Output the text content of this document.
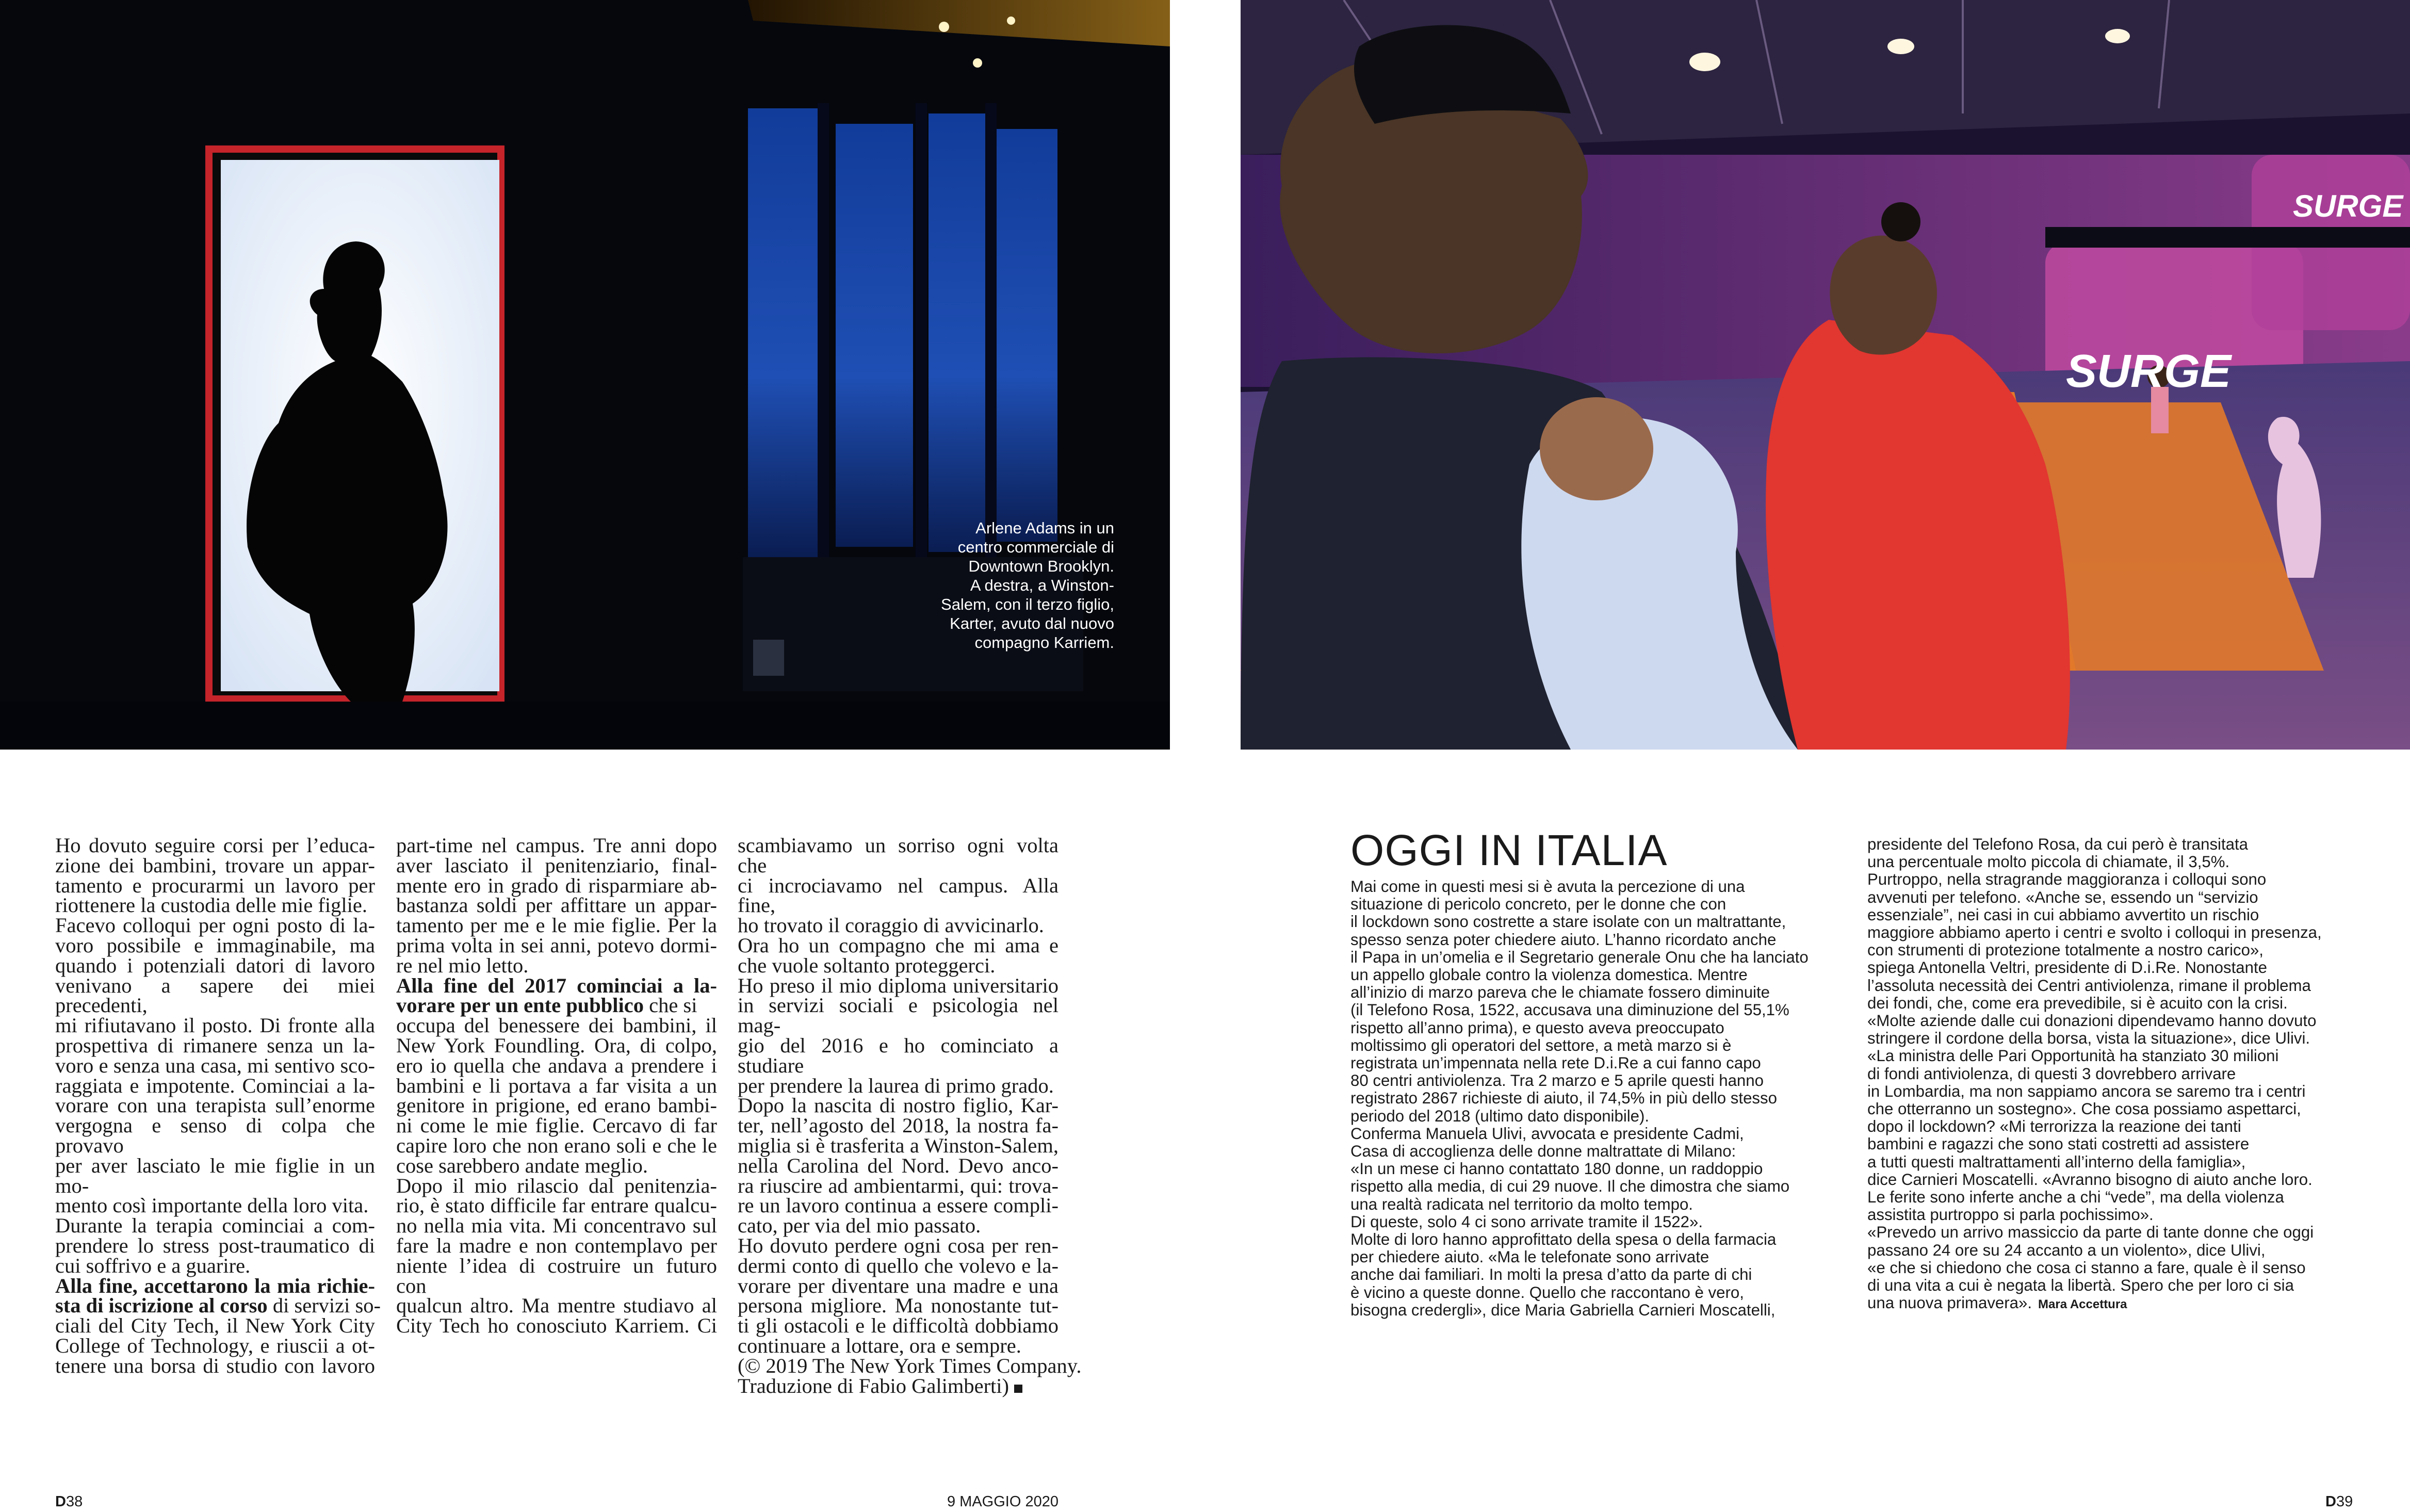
Arlene Adams in un
centro commerciale di
Downtown Brooklyn.
A destra, a Winston-
Salem, con il terzo figlio,
Karter, avuto dal nuovo
compagno Karriem.
SURGE
SURGE
Ho dovuto seguire corsi per l’educa-
zione dei bambini, trovare un appar-
tamento e procurarmi un lavoro per
riottenere la custodia delle mie figlie.
Facevo colloqui per ogni posto di la-
voro possibile e immaginabile, ma
quando i potenziali datori di lavoro
venivano a sapere dei miei precedenti,
mi rifiutavano il posto. Di fronte alla
prospettiva di rimanere senza un la-
voro e senza una casa, mi sentivo sco-
raggiata e impotente. Cominciai a la-
vorare con una terapista sull’enorme
vergogna e senso di colpa che provavo
per aver lasciato le mie figlie in un mo-
mento così importante della loro vita.
Durante la terapia cominciai a com-
prendere lo stress post-traumatico di
cui soffrivo e a guarire.
Alla fine, accettarono la mia richie-
sta di iscrizione al corso di servizi so-
ciali del City Tech, il New York City
College of Technology, e riuscii a ot-
tenere una borsa di studio con lavoro
part-time nel campus. Tre anni dopo
aver lasciato il penitenziario, final-
mente ero in grado di risparmiare ab-
bastanza soldi per affittare un appar-
tamento per me e le mie figlie. Per la
prima volta in sei anni, potevo dormi-
re nel mio letto.
Alla fine del 2017 cominciai a la-
vorare per un ente pubblico che si
occupa del benessere dei bambini, il
New York Foundling. Ora, di colpo,
ero io quella che andava a prendere i
bambini e li portava a far visita a un
genitore in prigione, ed erano bambi-
ni come le mie figlie. Cercavo di far
capire loro che non erano soli e che le
cose sarebbero andate meglio.
Dopo il mio rilascio dal penitenzia-
rio, è stato difficile far entrare qualcu-
no nella mia vita. Mi concentravo sul
fare la madre e non contemplavo per
niente l’idea di costruire un futuro con
qualcun altro. Ma mentre studiavo al
City Tech ho conosciuto Karriem. Ci
scambiavamo un sorriso ogni volta che
ci incrociavamo nel campus. Alla fine,
ho trovato il coraggio di avvicinarlo.
Ora ho un compagno che mi ama e
che vuole soltanto proteggerci.
Ho preso il mio diploma universitario
in servizi sociali e psicologia nel mag-
gio del 2016 e ho cominciato a studiare
per prendere la laurea di primo grado.
Dopo la nascita di nostro figlio, Kar-
ter, nell’agosto del 2018, la nostra fa-
miglia si è trasferita a Winston-Salem,
nella Carolina del Nord. Devo anco-
ra riuscire ad ambientarmi, qui: trova-
re un lavoro continua a essere compli-
cato, per via del mio passato.
Ho dovuto perdere ogni cosa per ren-
dermi conto di quello che volevo e la-
vorare per diventare una madre e una
persona migliore. Ma nonostante tut-
ti gli ostacoli e le difficoltà dobbiamo
continuare a lottare, ora e sempre.
(© 2019 The New York Times Company.
Traduzione di Fabio Galimberti)
OGGI IN ITALIA
Mai come in questi mesi si è avuta la percezione di una
situazione di pericolo concreto, per le donne che con
il lockdown sono costrette a stare isolate con un maltrattante,
spesso senza poter chiedere aiuto. L’hanno ricordato anche
il Papa in un’omelia e il Segretario generale Onu che ha lanciato
un appello globale contro la violenza domestica. Mentre
all’inizio di marzo pareva che le chiamate fossero diminuite
(il Telefono Rosa, 1522, accusava una diminuzione del 55,1%
rispetto all’anno prima), e questo aveva preoccupato
moltissimo gli operatori del settore, a metà marzo si è
registrata un’impennata nella rete D.i.Re a cui fanno capo
80 centri antiviolenza. Tra 2 marzo e 5 aprile questi hanno
registrato 2867 richieste di aiuto, il 74,5% in più dello stesso
periodo del 2018 (ultimo dato disponibile).
Conferma Manuela Ulivi, avvocata e presidente Cadmi,
Casa di accoglienza delle donne maltrattate di Milano:
«In un mese ci hanno contattato 180 donne, un raddoppio
rispetto alla media, di cui 29 nuove. Il che dimostra che siamo
una realtà radicata nel territorio da molto tempo.
Di queste, solo 4 ci sono arrivate tramite il 1522».
Molte di loro hanno approfittato della spesa o della farmacia
per chiedere aiuto. «Ma le telefonate sono arrivate
anche dai familiari. In molti la presa d’atto da parte di chi
è vicino a queste donne. Quello che raccontano è vero,
bisogna credergli», dice Maria Gabriella Carnieri Moscatelli,
presidente del Telefono Rosa, da cui però è transitata
una percentuale molto piccola di chiamate, il 3,5%.
Purtroppo, nella stragrande maggioranza i colloqui sono
avvenuti per telefono. «Anche se, essendo un “servizio
essenziale”, nei casi in cui abbiamo avvertito un rischio
maggiore abbiamo aperto i centri e svolto i colloqui in presenza,
con strumenti di protezione totalmente a nostro carico»,
spiega Antonella Veltri, presidente di D.i.Re. Nonostante
l’assoluta necessità dei Centri antiviolenza, rimane il problema
dei fondi, che, come era prevedibile, si è acuito con la crisi.
«Molte aziende dalle cui donazioni dipendevamo hanno dovuto
stringere il cordone della borsa, vista la situazione», dice Ulivi.
«La ministra delle Pari Opportunità ha stanziato 30 milioni
di fondi antiviolenza, di questi 3 dovrebbero arrivare
in Lombardia, ma non sappiamo ancora se saremo tra i centri
che otterranno un sostegno». Che cosa possiamo aspettarci,
dopo il lockdown? «Mi terrorizza la reazione dei tanti
bambini e ragazzi che sono stati costretti ad assistere
a tutti questi maltrattamenti all’interno della famiglia»,
dice Carnieri Moscatelli. «Avranno bisogno di aiuto anche loro.
Le ferite sono inferte anche a chi “vede”, ma della violenza
assistita purtroppo si parla pochissimo».
«Prevedo un arrivo massiccio da parte di tante donne che oggi
passano 24 ore su 24 accanto a un violento», dice Ulivi,
«e che si chiedono che cosa ci stanno a fare, quale è il senso
di una vita a cui è negata la libertà. Spero che per loro ci sia
una nuova primavera». Mara Accettura
D38	9 MAGGIO 2020	D39
